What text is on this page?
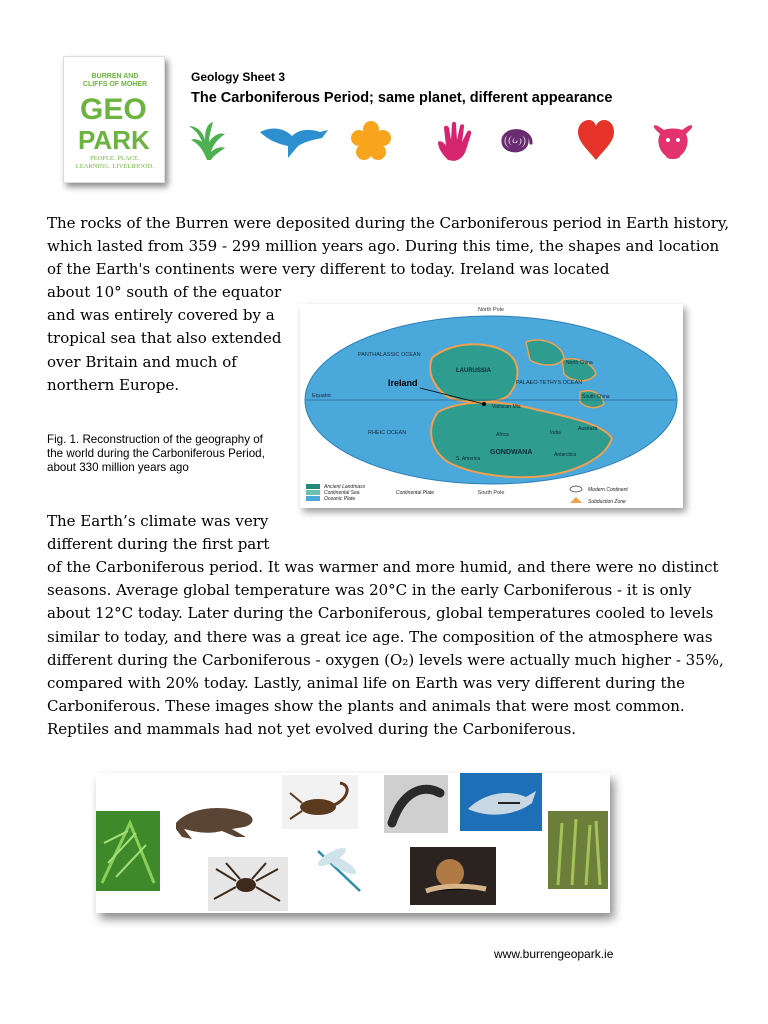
BURREN AND
CLIFFS OF MOHER
GEO
PARK
PEOPLE. PLACE.
LEARNING. LIVELIHOOD.
Geology Sheet 3
The Carboniferous Period; same planet, different appearance

The rocks of the Burren were deposited during the Carboniferous period in Earth history, which lasted from 359 - 299 million years ago. During this time, the shapes and location of the Earth's continents were very different to today. Ireland was located

about 10° south of the equator and was entirely covered by a tropical sea that also extended over Britain and much of northern Europe.

Fig. 1. Reconstruction of the geography of the world during the Carboniferous Period, about 330 million years ago

The Earth’s climate was very different during the first part

of the Carboniferous period. It was warmer and more humid, and there were no distinct seasons. Average global temperature was 20°C in the early Carboniferous - it is only about 12°C today. Later during the Carboniferous, global temperatures cooled to levels similar to today, and there was a great ice age. The composition of the atmosphere was different during the Carboniferous - oxygen (O₂) levels were actually much higher - 35%, compared with 20% today. Lastly, animal life on Earth was very different during the Carboniferous. These images show the plants and animals that were most common. Reptiles and mammals had not yet evolved during the Carboniferous.

North Pole
South Pole
PANTHALASSIC OCEAN
LAURUSSIA
Ireland	PALAEO-TETHYS OCEAN
North China
South China
Equator
Variscan Mts
RHEIC OCEAN
GONDWANA
Africa	India
Australia
Antarctica
S. America
Ancient Landmass
Continental Sea
Oceanic Plate
Continental Plate	Modern Continent
Subduction Zone
www.burrengeopark.ie
